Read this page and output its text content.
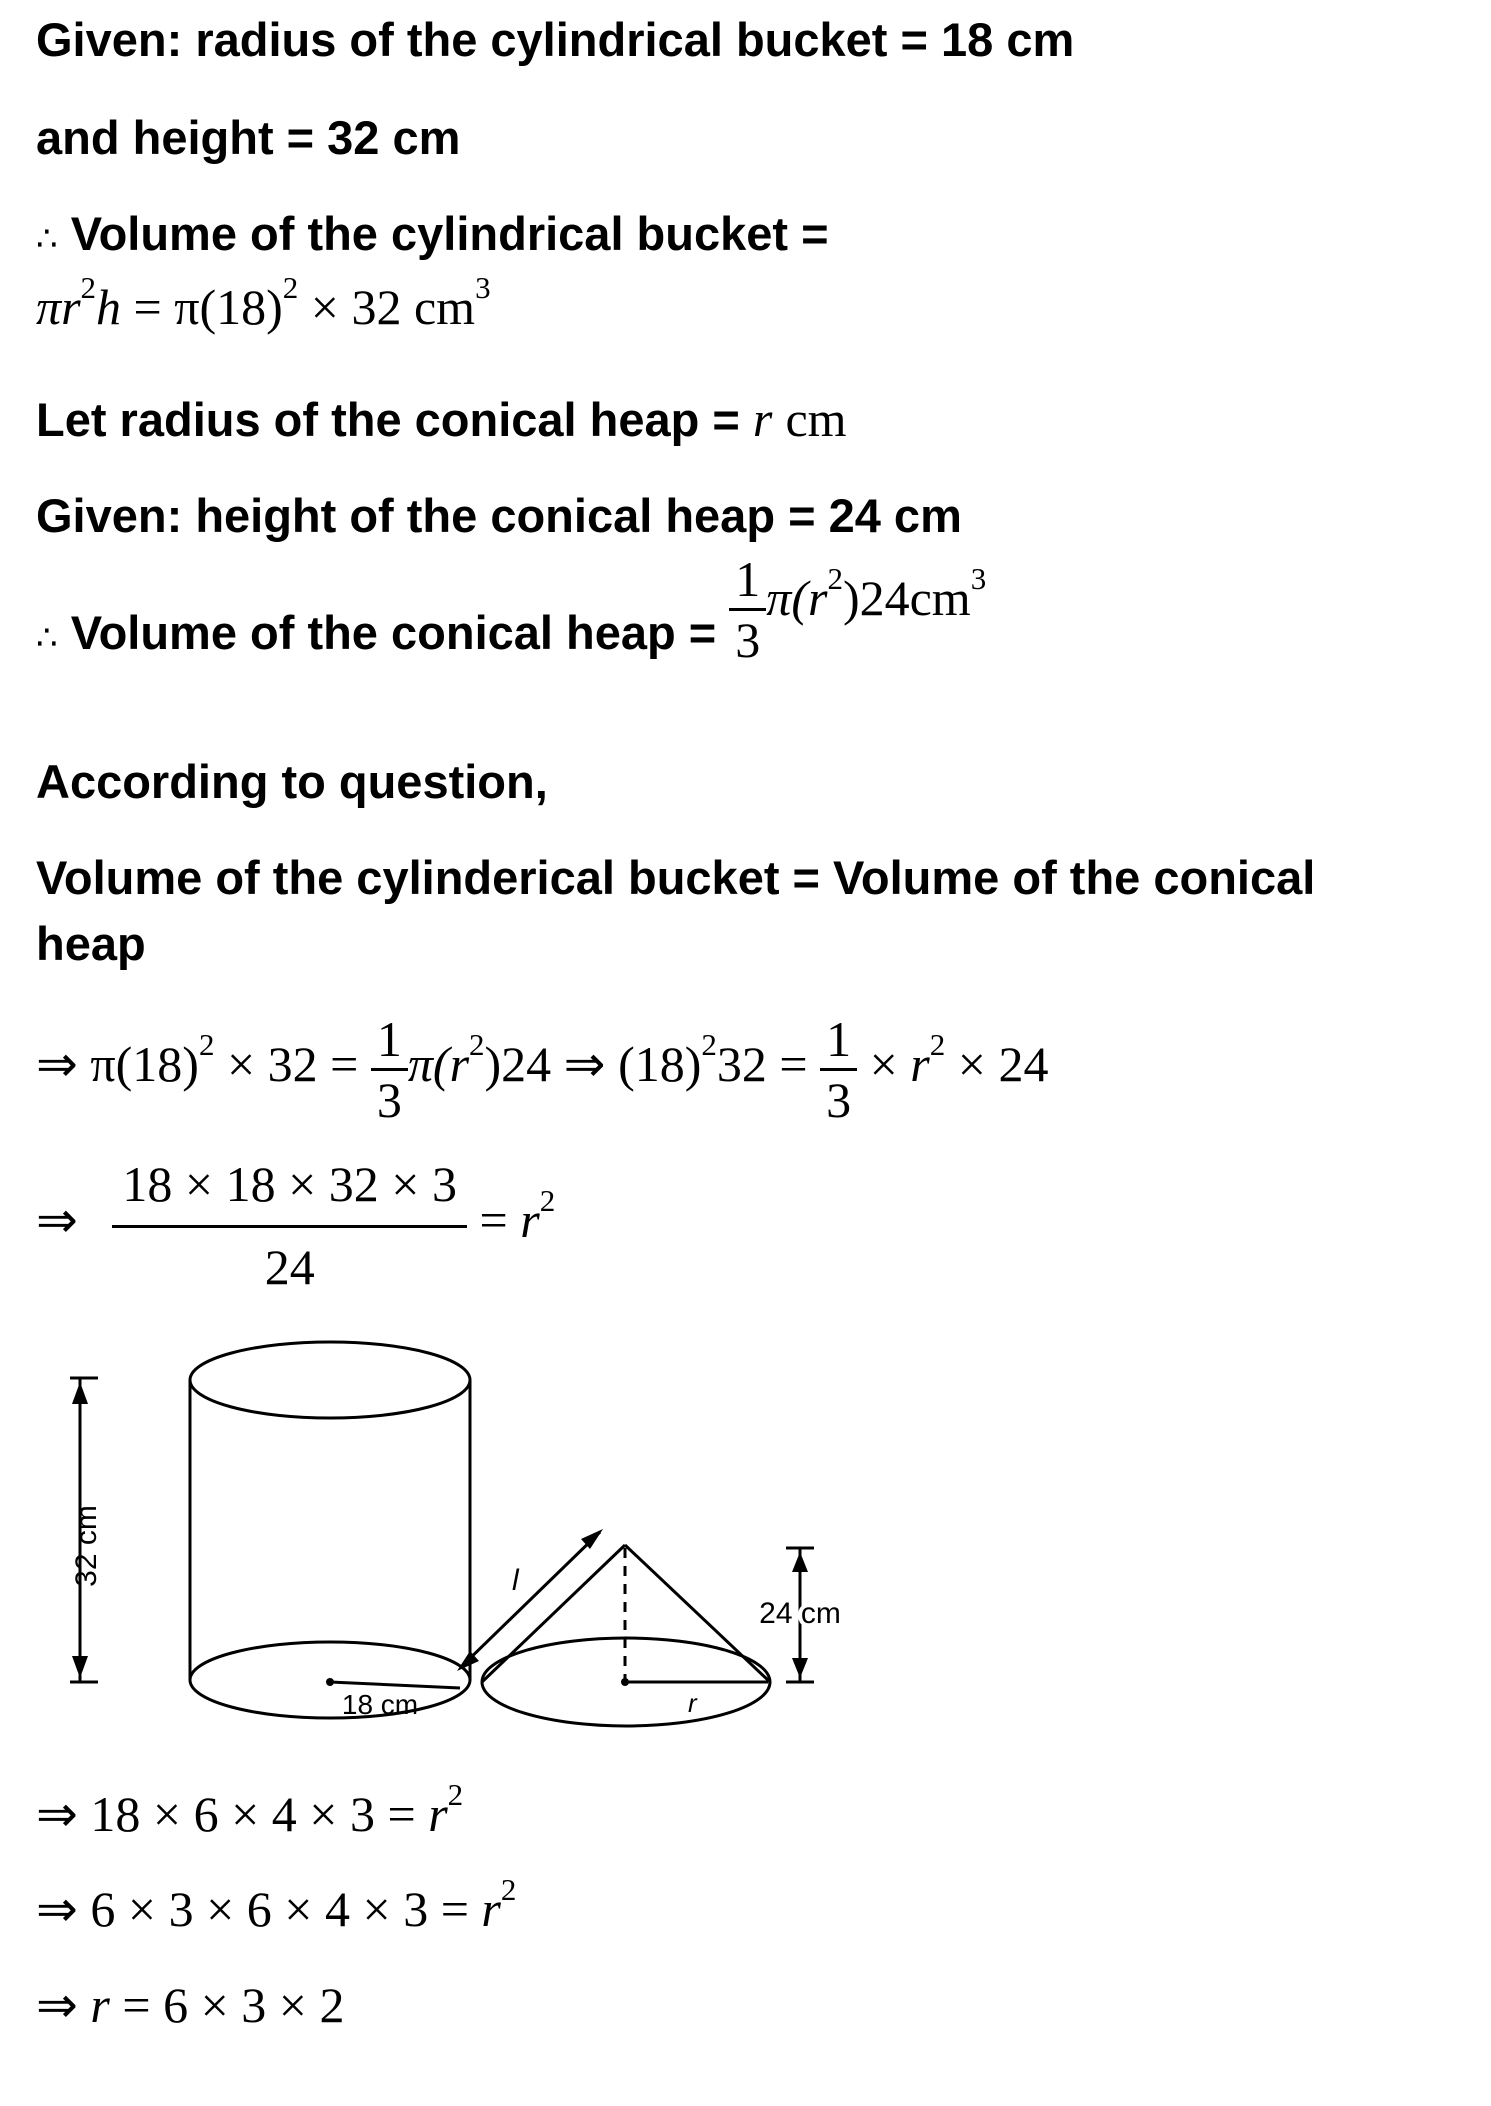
Given: radius of the cylindrical bucket = 18 cm
and height = 32 cm
∴ Volume of the cylindrical bucket =
$\pi r^2h = \pi(18)^2 \times 32$ $cm^3$
Let radius of the conical heap = r cm
Given: height of the conical heap = 24 cm
∴ Volume of the conical heap = $\frac{1}{3} \pi(r^2)24cm^3$
According to question,
Volume of the cylinderical bucket = Volume of the conical
heap
⇒ $\pi(18)^2 \times 32 = \frac{1}{3} \pi(r^2)24$ ⇒ $(18)^232 = \frac{1}{3} \times r^2 \times 24$
⇒ $\frac{18 \times 18 \times 32 \times 3}{24} = r^2$
32 cm
18 cm
l
r
24 cm
⇒ $18 \times 6 \times 4 \times 3 = r^2$
⇒ $6 \times 3 \times 6 \times 4 \times 3 = r^2$
⇒ r = 6 × 3 × 2
